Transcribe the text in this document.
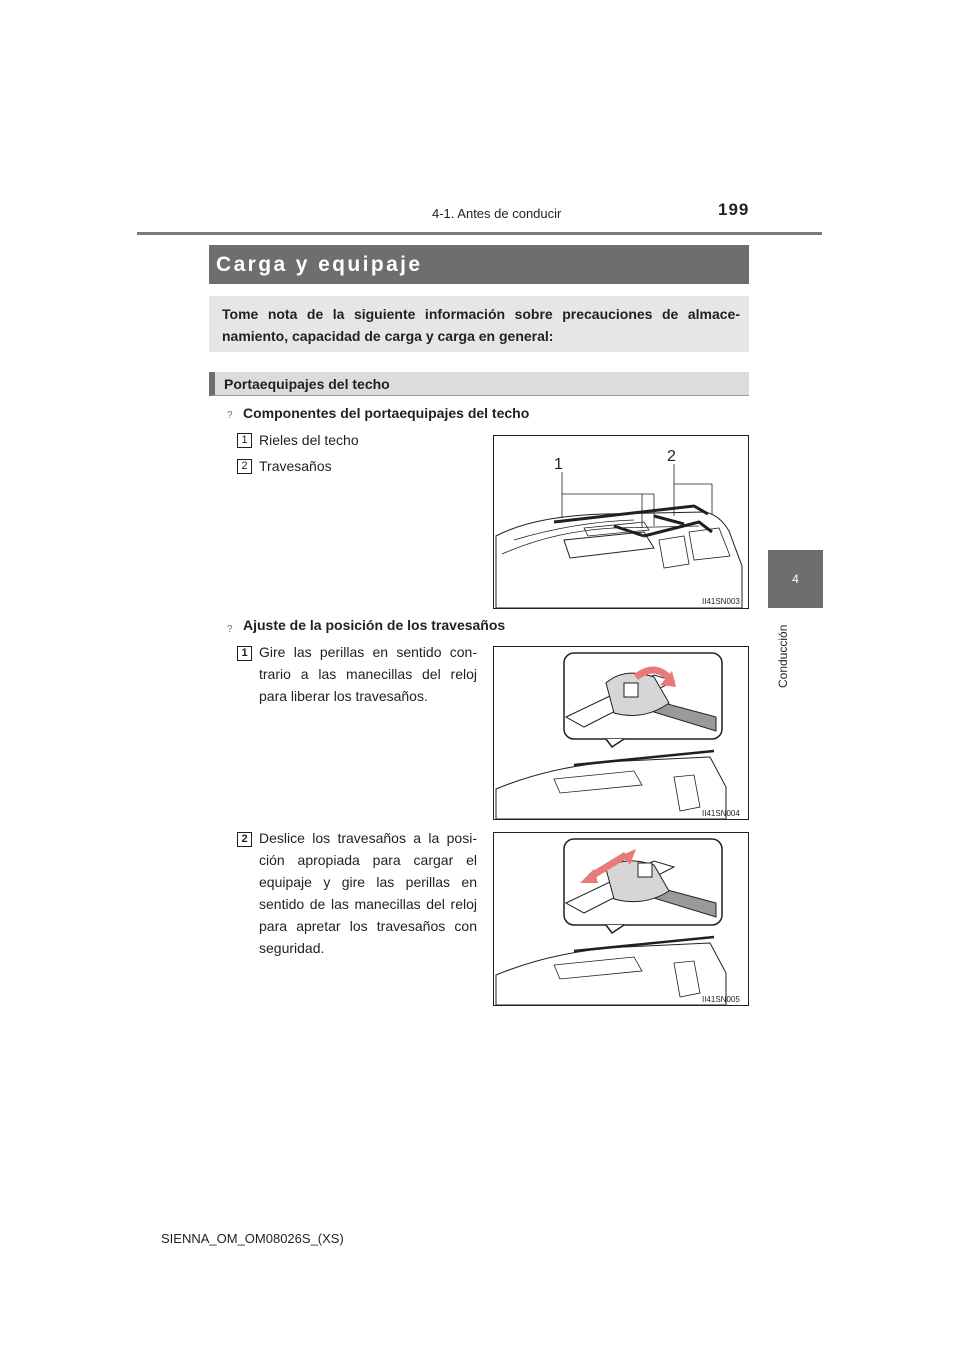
4-1. Antes de conducir	199
4
Conducción
Carga y equipaje
Tome nota de la siguiente información sobre precauciones de almace-namiento, capacidad de carga y carga en general:
Portaequipajes del techo
? Componentes del portaequipajes del techo
1 Rieles del techo
2 Travesaños	1	2
II41SN003
? Ajuste de la posición de los travesaños
1 Gire las perillas en sentido con-trario a las manecillas del reloj para liberar los travesaños.
II41SN004
2 Deslice los travesaños a la posi-ción apropiada para cargar el equipaje y gire las perillas en sentido de las manecillas del reloj para apretar los travesaños con seguridad.
II41SN005
SIENNA_OM_OM08026S_(XS)
